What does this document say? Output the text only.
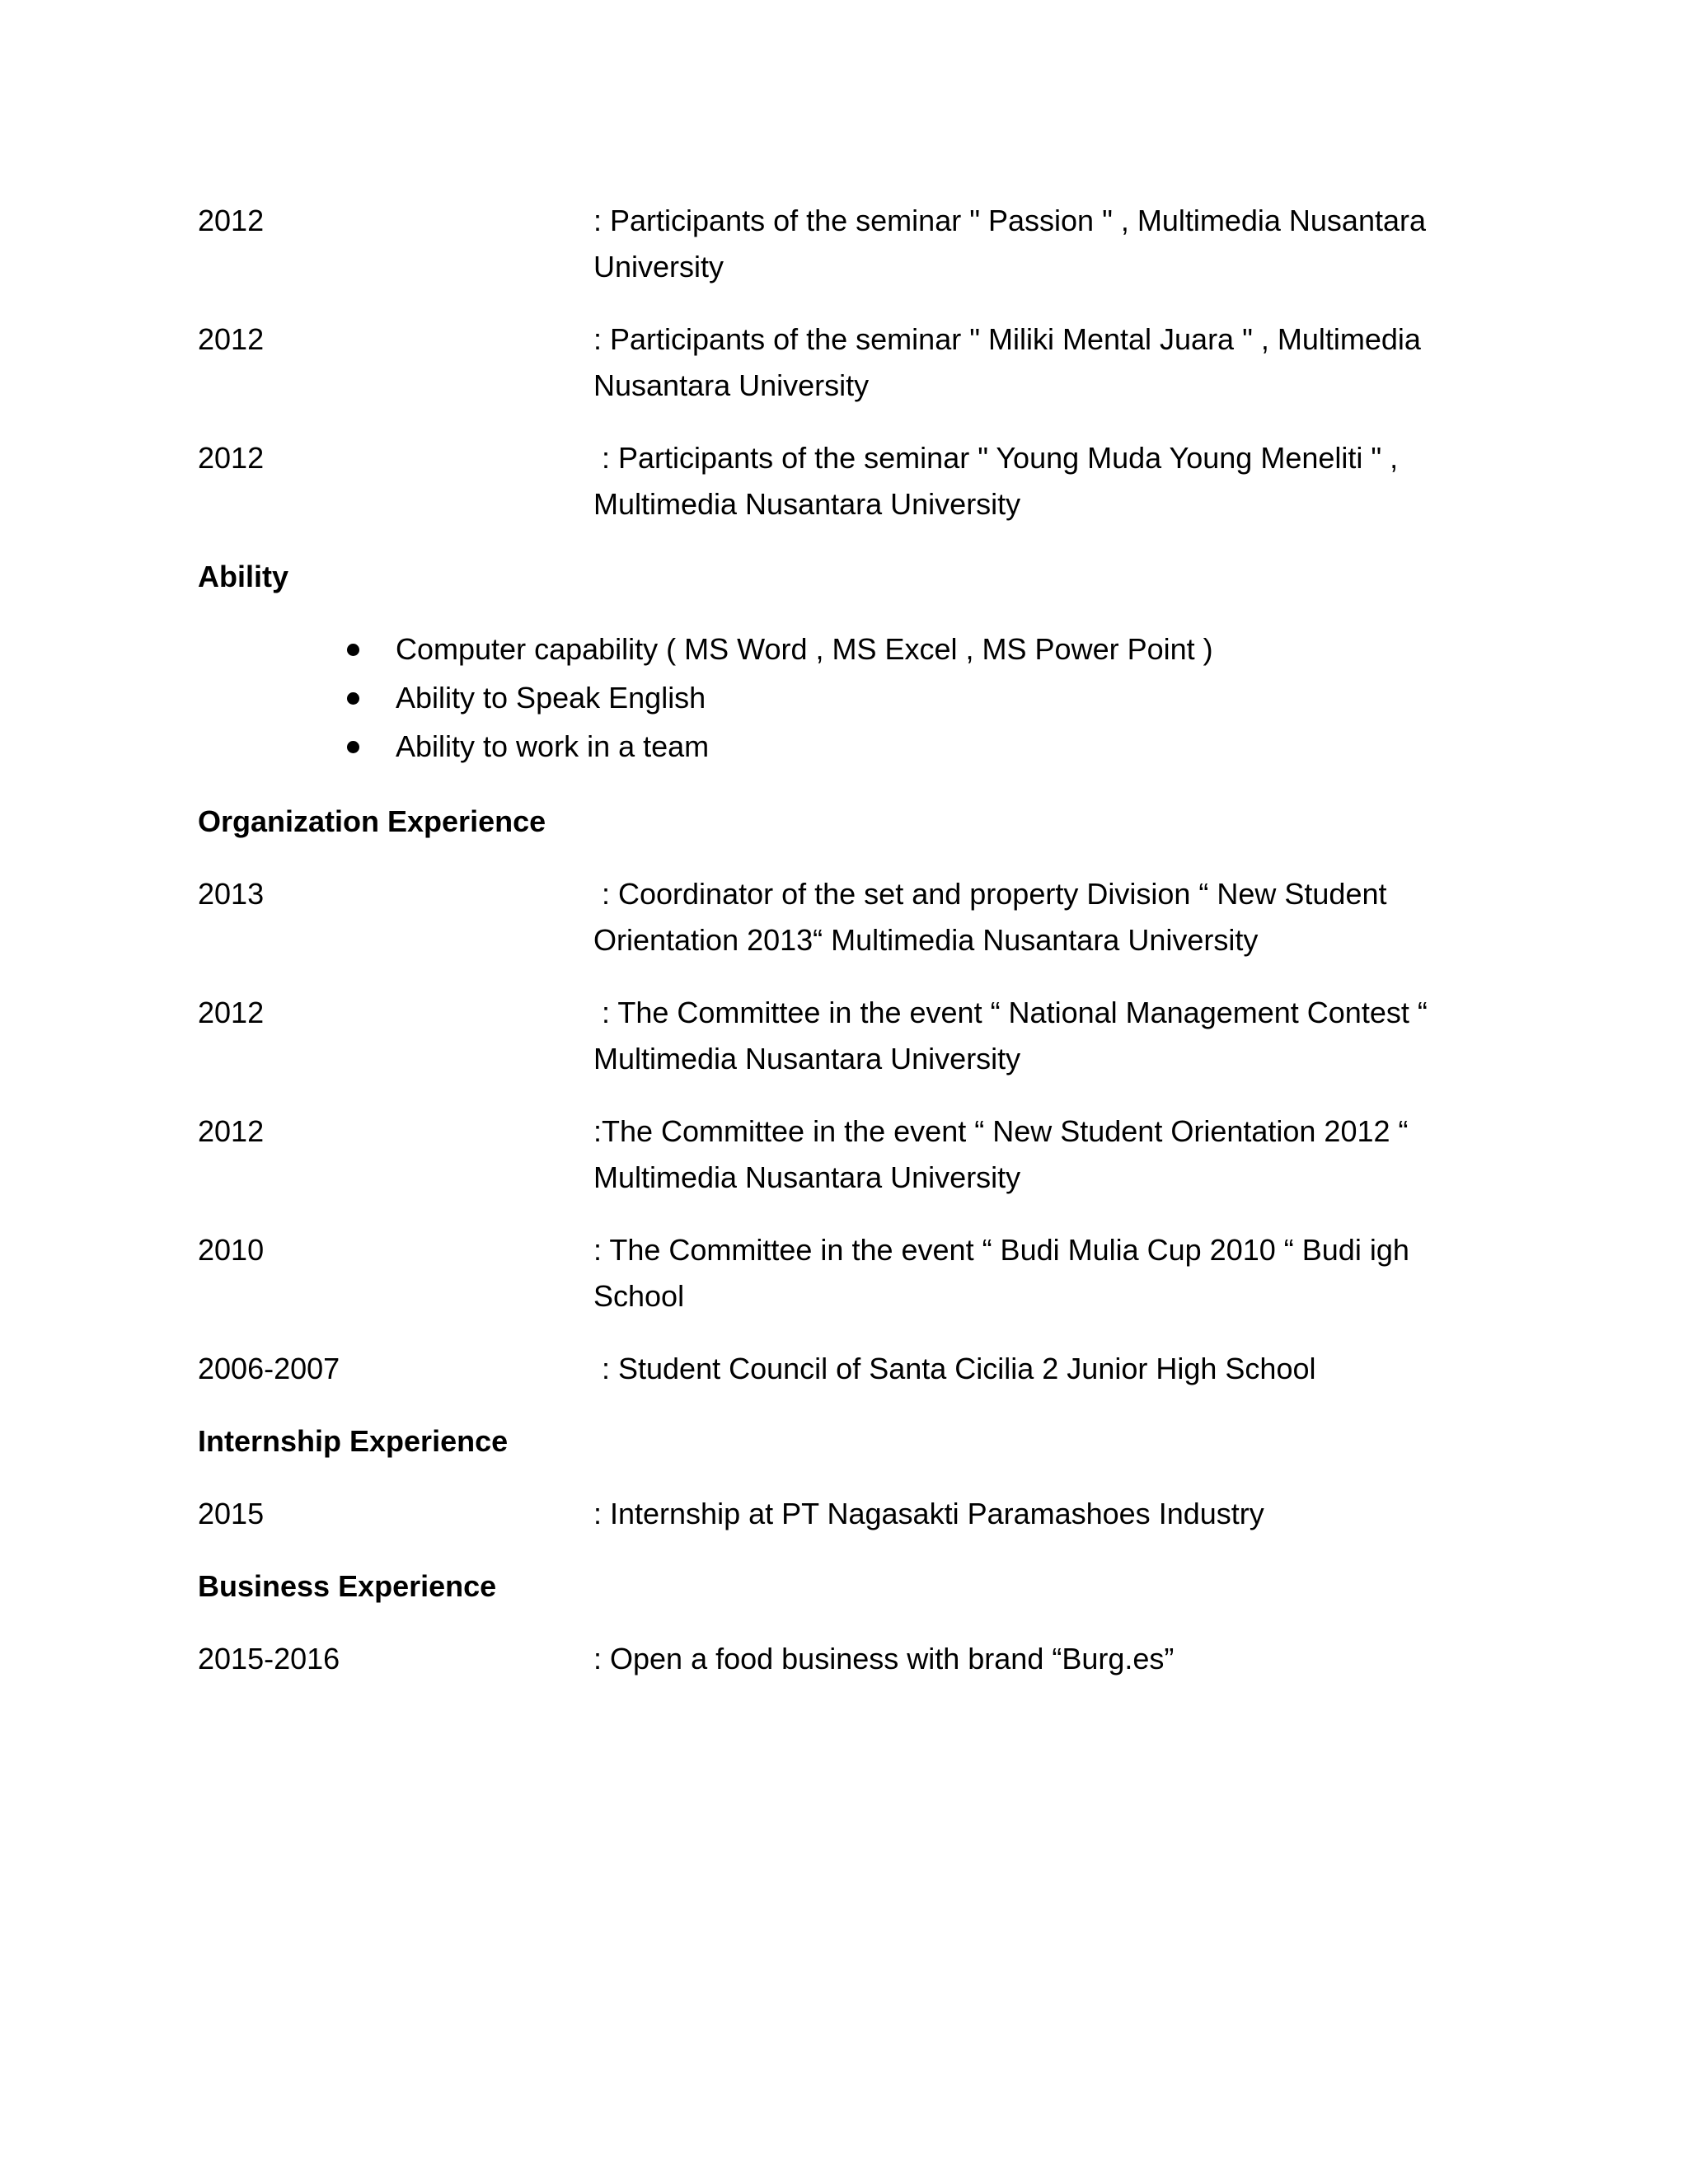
2012	: Participants of the seminar " Passion " , Multimedia Nusantara University
2012	: Participants of the seminar " Miliki Mental Juara " , Multimedia Nusantara University
2012	: Participants of the seminar " Young Muda Young Meneliti " , Multimedia Nusantara University
Ability
Computer capability ( MS Word , MS Excel , MS Power Point )
Ability to Speak English
Ability to work in a team
Organization Experience
2013	: Coordinator of the set and property Division “ New Student Orientation 2013“ Multimedia Nusantara University
2012	: The Committee in the event “ National Management Contest “ Multimedia Nusantara University
2012	:The Committee in the event “ New Student Orientation 2012 “ Multimedia Nusantara University
2010	: The Committee in the event “ Budi Mulia Cup 2010 “ Budi igh School
2006-2007	: Student Council of Santa Cicilia 2 Junior High School
Internship Experience
2015	: Internship at PT Nagasakti Paramashoes Industry
Business Experience
2015-2016	: Open a food business with brand “Burg.es”
